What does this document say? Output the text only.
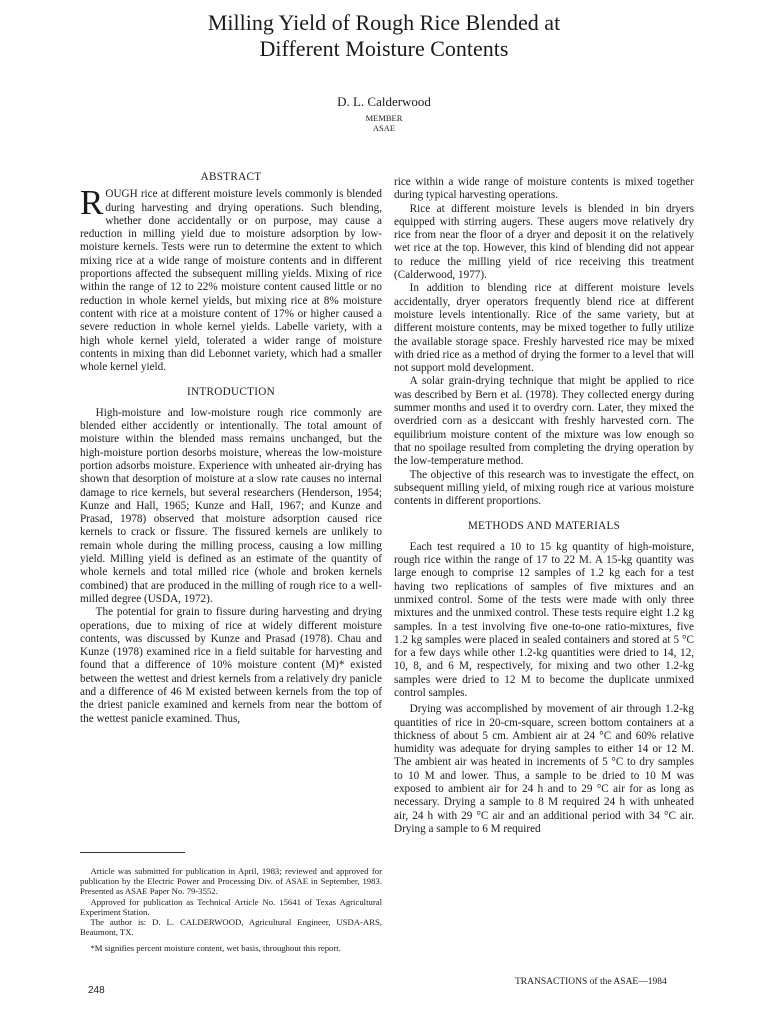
Milling Yield of Rough Rice Blended at
Different Moisture Contents
D. L. Calderwood
MEMBER
ASAE
ABSTRACT

ROUGH rice at different moisture levels commonly is blended during harvesting and drying operations. Such blending, whether done accidentally or on purpose, may cause a reduction in milling yield due to moisture adsorption by low-moisture kernels. Tests were run to determine the extent to which mixing rice at a wide range of moisture contents and in different proportions affected the subsequent milling yields. Mixing of rice within the range of 12 to 22% moisture content caused little or no reduction in whole kernel yields, but mixing rice at 8% moisture content with rice at a moisture content of 17% or higher caused a severe reduction in whole kernel yields. Labelle variety, with a high whole kernel yield, tolerated a wider range of moisture contents in mixing than did Lebonnet variety, which had a smaller whole kernel yield.

INTRODUCTION

High-moisture and low-moisture rough rice commonly are blended either accidently or intentionally. The total amount of moisture within the blended mass remains unchanged, but the high-moisture portion desorbs moisture, whereas the low-moisture portion adsorbs moisture. Experience with unheated air-drying has shown that desorption of moisture at a slow rate causes no internal damage to rice kernels, but several researchers (Henderson, 1954; Kunze and Hall, 1965; Kunze and Hall, 1967; and Kunze and Prasad, 1978) observed that moisture adsorption caused rice kernels to crack or fissure. The fissured kernels are unlikely to remain whole during the milling process, causing a low milling yield. Milling yield is defined as an estimate of the quantity of whole kernels and total milled rice (whole and broken kernels combined) that are produced in the milling of rough rice to a well-milled degree (USDA, 1972).

The potential for grain to fissure during harvesting and drying operations, due to mixing of rice at widely different moisture contents, was discussed by Kunze and Prasad (1978). Chau and Kunze (1978) examined rice in a field suitable for harvesting and found that a difference of 10% moisture content (M)* existed between the wettest and driest kernels from a relatively dry panicle and a difference of 46 M existed between kernels from the top of the driest panicle examined and kernels from near the bottom of the wettest panicle examined. Thus,

rice within a wide range of moisture contents is mixed together during typical harvesting operations.

Rice at different moisture levels is blended in bin dryers equipped with stirring augers. These augers move relatively dry rice from near the floor of a dryer and deposit it on the relatively wet rice at the top. However, this kind of blending did not appear to reduce the milling yield of rice receiving this treatment (Calderwood, 1977).

In addition to blending rice at different moisture levels accidentally, dryer operators frequently blend rice at different moisture levels intentionally. Rice of the same variety, but at different moisture contents, may be mixed together to fully utilize the available storage space. Freshly harvested rice may be mixed with dried rice as a method of drying the former to a level that will not support mold development.

A solar grain-drying technique that might be applied to rice was described by Bern et al. (1978). They collected energy during summer months and used it to overdry corn. Later, they mixed the overdried corn as a desiccant with freshly harvested corn. The equilibrium moisture content of the mixture was low enough so that no spoilage resulted from completing the drying operation by the low-temperature method.

The objective of this research was to investigate the effect, on subsequent milling yield, of mixing rough rice at various moisture contents in different proportions.

METHODS AND MATERIALS

Each test required a 10 to 15 kg quantity of high-moisture, rough rice within the range of 17 to 22 M. A 15-kg quantity was large enough to comprise 12 samples of 1.2 kg each for a test having two replications of samples of five mixtures and an unmixed control. Some of the tests were made with only three mixtures and the unmixed control. These tests require eight 1.2 kg samples. In a test involving five one-to-one ratio-mixtures, five 1.2 kg samples were placed in sealed containers and stored at 5 °C for a few days while other 1.2-kg quantities were dried to 14, 12, 10, 8, and 6 M, respectively, for mixing and two other 1.2-kg samples were dried to 12 M to become the duplicate unmixed control samples.

Drying was accomplished by movement of air through 1.2-kg quantities of rice in 20-cm-square, screen bottom containers at a thickness of about 5 cm. Ambient air at 24 °C and 60% relative humidity was adequate for drying samples to either 14 or 12 M. The ambient air was heated in increments of 5 °C to dry samples to 10 M and lower. Thus, a sample to be dried to 10 M was exposed to ambient air for 24 h and to 29 °C air for as long as necessary. Drying a sample to 8 M required 24 h with unheated air, 24 h with 29 °C air and an additional period with 34 °C air. Drying a sample to 6 M required

Article was submitted for publication in April, 1983; reviewed and approved for publication by the Electric Power and Processing Div. of ASAE in September, 1983. Presented as ASAE Paper No. 79-3552.

Approved for publication as Technical Article No. 15641 of Texas Agricultural Experiment Station.

The author is: D. L. CALDERWOOD, Agricultural Engineer, USDA-ARS, Beaumont, TX.

*M signifies percent moisture content, wet basis, throughout this report.

248
TRANSACTIONS of the ASAE—1984
